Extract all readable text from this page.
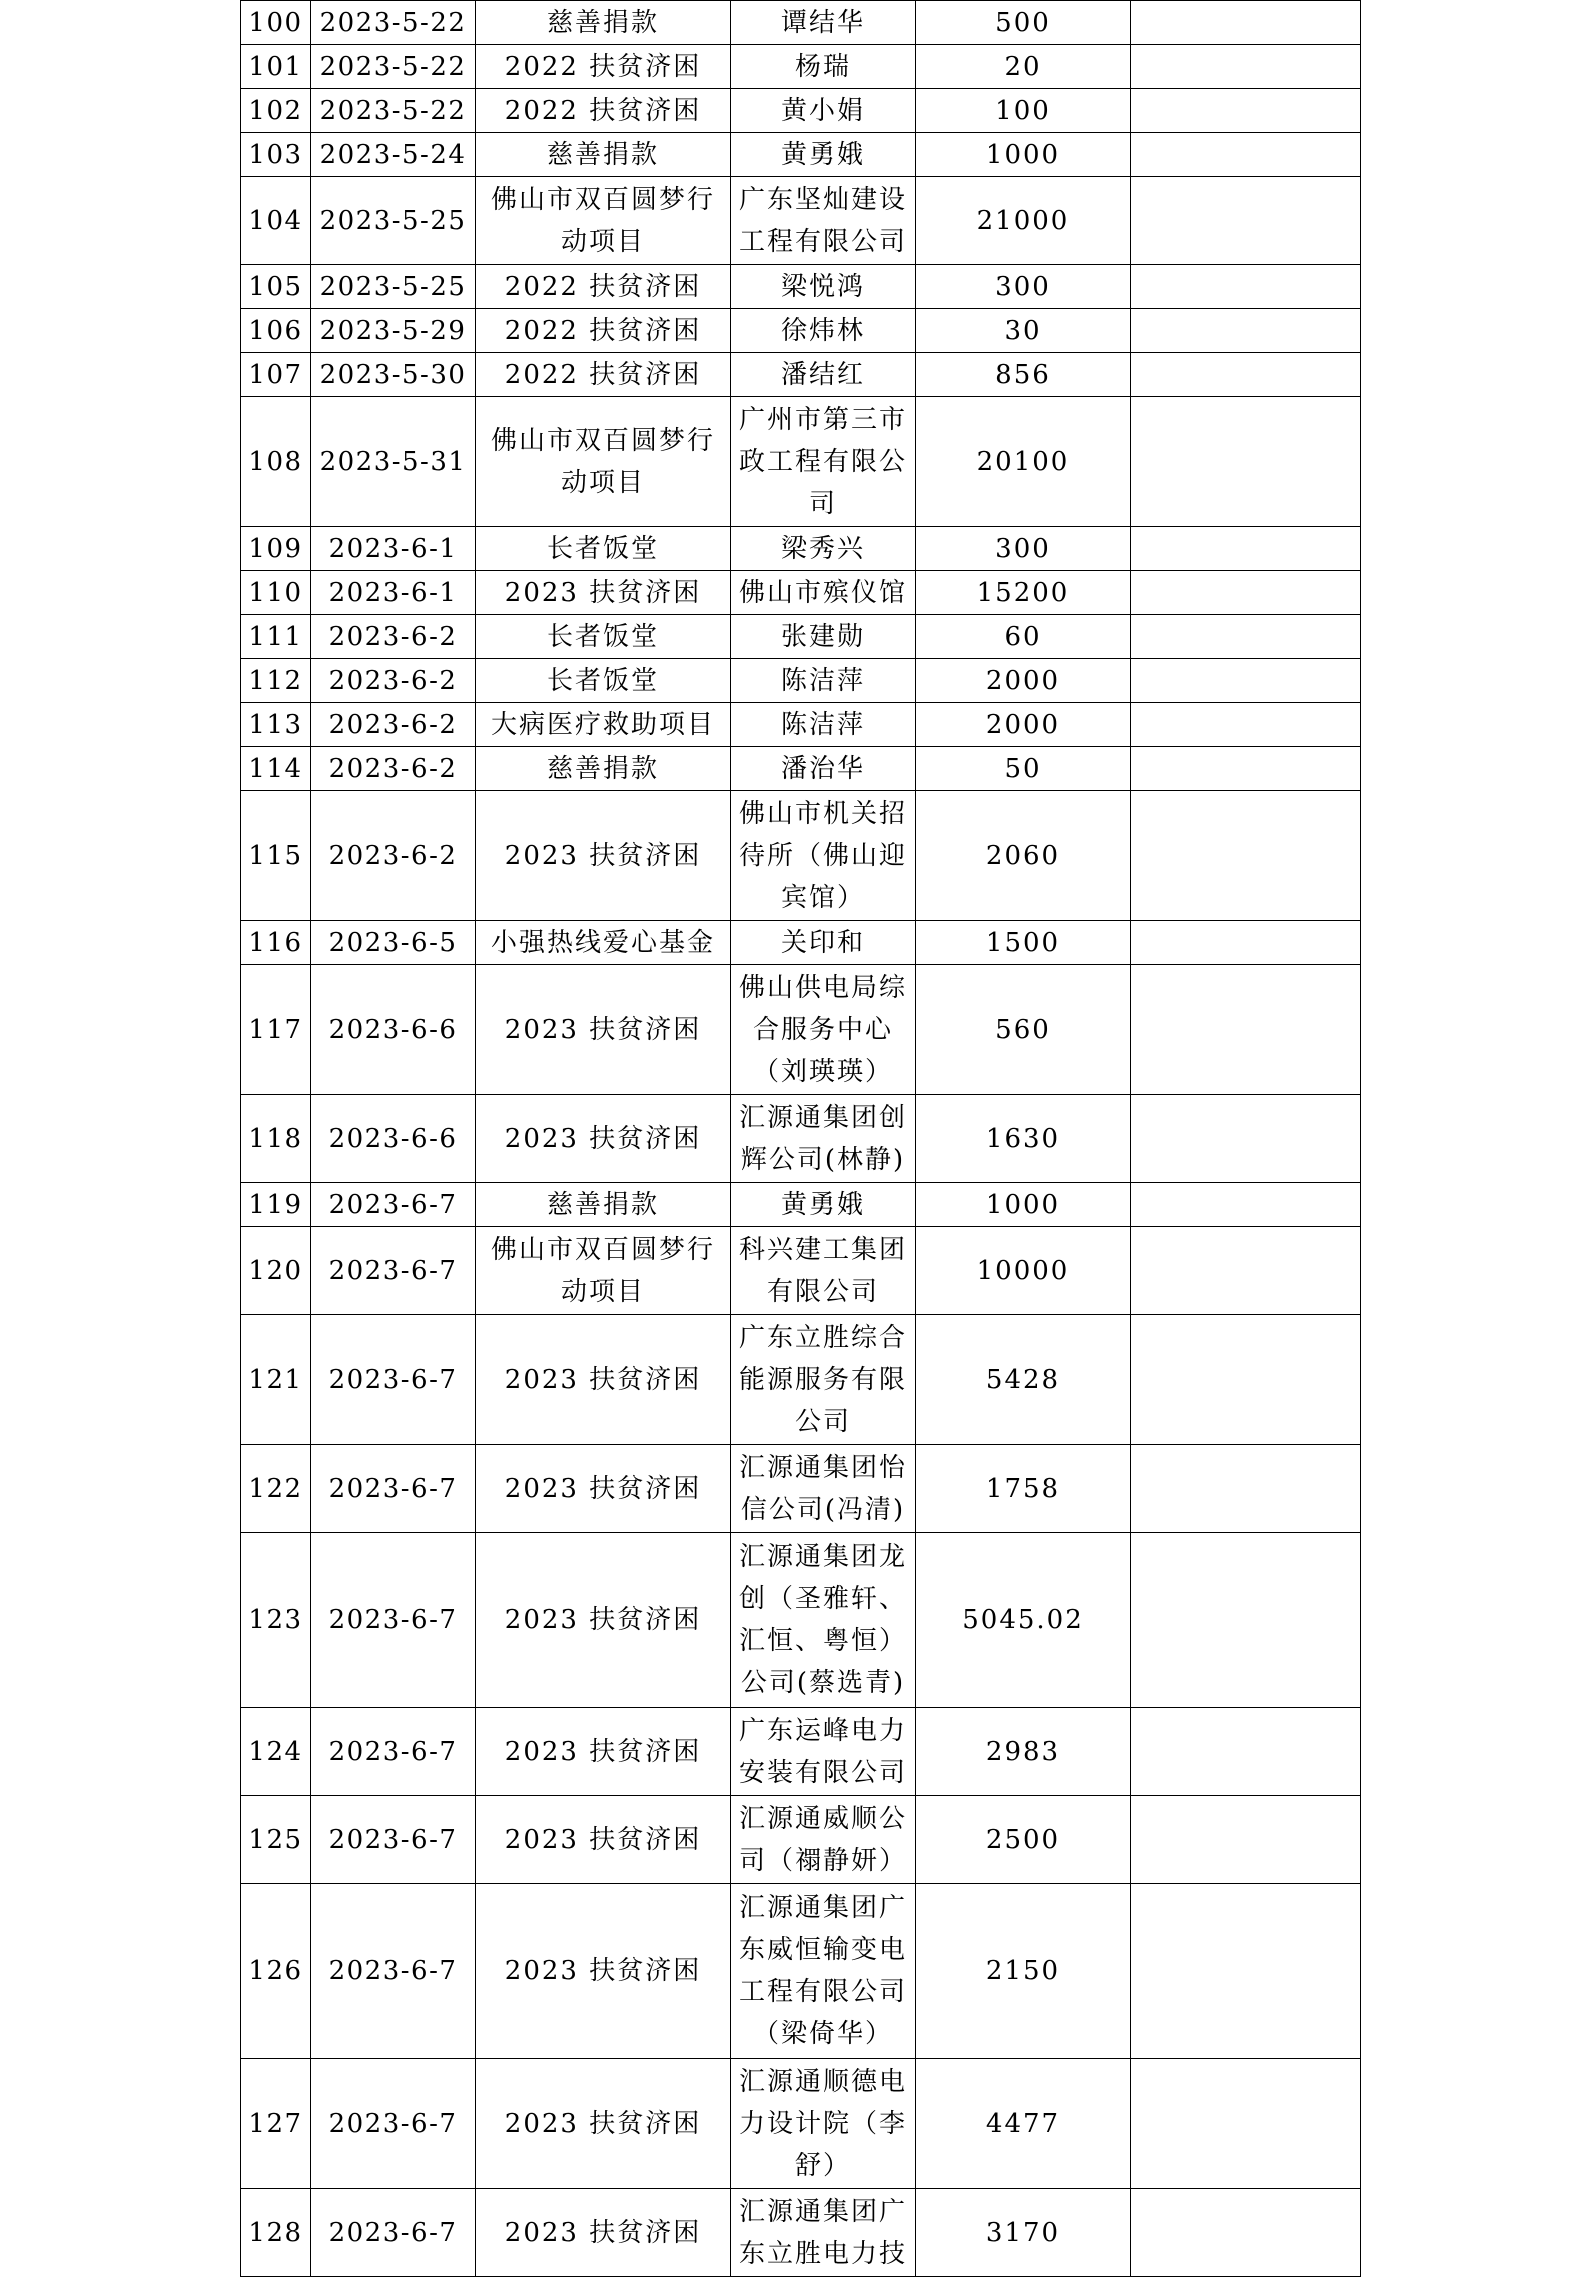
100	2023-5-22	慈善捐款	谭结华	500	
101	2023-5-22	2022 扶贫济困	杨瑞	20	
102	2023-5-22	2022 扶贫济困	黄小娟	100	
103	2023-5-24	慈善捐款	黄勇娥	1000	
104	2023-5-25	佛山市双百圆梦行动项目	广东坚灿建设工程有限公司	21000	
105	2023-5-25	2022 扶贫济困	梁悦鸿	300	
106	2023-5-29	2022 扶贫济困	徐炜林	30	
107	2023-5-30	2022 扶贫济困	潘结红	856	
108	2023-5-31	佛山市双百圆梦行动项目	广州市第三市政工程有限公司	20100	
109	2023-6-1	长者饭堂	梁秀兴	300	
110	2023-6-1	2023 扶贫济困	佛山市殡仪馆	15200	
111	2023-6-2	长者饭堂	张建勋	60	
112	2023-6-2	长者饭堂	陈洁萍	2000	
113	2023-6-2	大病医疗救助项目	陈洁萍	2000	
114	2023-6-2	慈善捐款	潘治华	50	
115	2023-6-2	2023 扶贫济困	佛山市机关招待所（佛山迎宾馆）	2060	
116	2023-6-5	小强热线爱心基金	关印和	1500	
117	2023-6-6	2023 扶贫济困	佛山供电局综合服务中心（刘瑛瑛）	560	
118	2023-6-6	2023 扶贫济困	汇源通集团创辉公司(林静)	1630	
119	2023-6-7	慈善捐款	黄勇娥	1000	
120	2023-6-7	佛山市双百圆梦行动项目	科兴建工集团有限公司	10000	
121	2023-6-7	2023 扶贫济困	广东立胜综合能源服务有限公司	5428	
122	2023-6-7	2023 扶贫济困	汇源通集团怡信公司(冯清)	1758	
123	2023-6-7	2023 扶贫济困	汇源通集团龙创（圣雅轩、汇恒、粤恒）公司(蔡选青)	5045.02	
124	2023-6-7	2023 扶贫济困	广东运峰电力安装有限公司	2983	
125	2023-6-7	2023 扶贫济困	汇源通威顺公司（禤静妍）	2500	
126	2023-6-7	2023 扶贫济困	汇源通集团广东威恒输变电工程有限公司（梁倚华）	2150	
127	2023-6-7	2023 扶贫济困	汇源通顺德电力设计院（李舒）	4477	
128	2023-6-7	2023 扶贫济困	汇源通集团广东立胜电力技	3170	
